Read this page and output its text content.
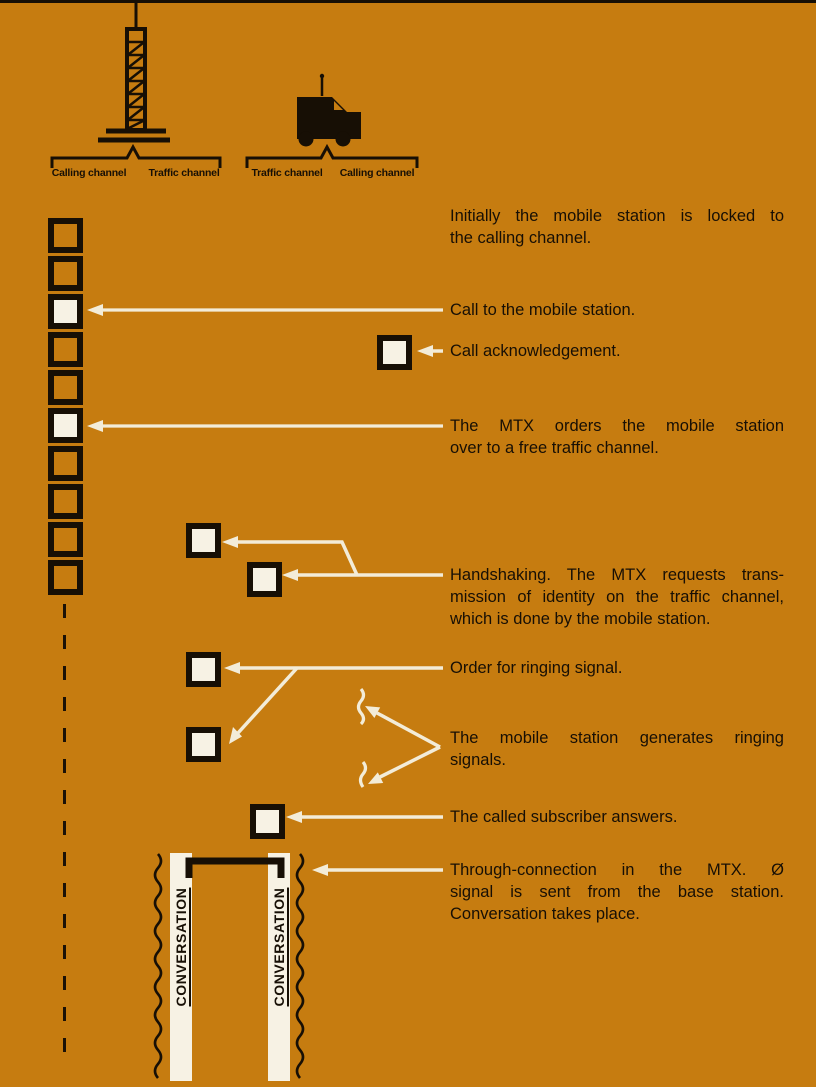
CONVERSATION	CONVERSATION
Calling channel	Traffic channel	Traffic channel	Calling channel
Initially the mobile station is locked to
the calling channel.
Call to the mobile station.
Call acknowledgement.
The MTX orders the mobile station
over to a free traffic channel.
Handshaking. The MTX requests trans-
mission of identity on the traffic channel,
which is done by the mobile station.
Order for ringing signal.
The mobile station generates ringing
signals.
The called subscriber answers.
Through-connection in the MTX. Ø
signal is sent from the base station.
Conversation takes place.
